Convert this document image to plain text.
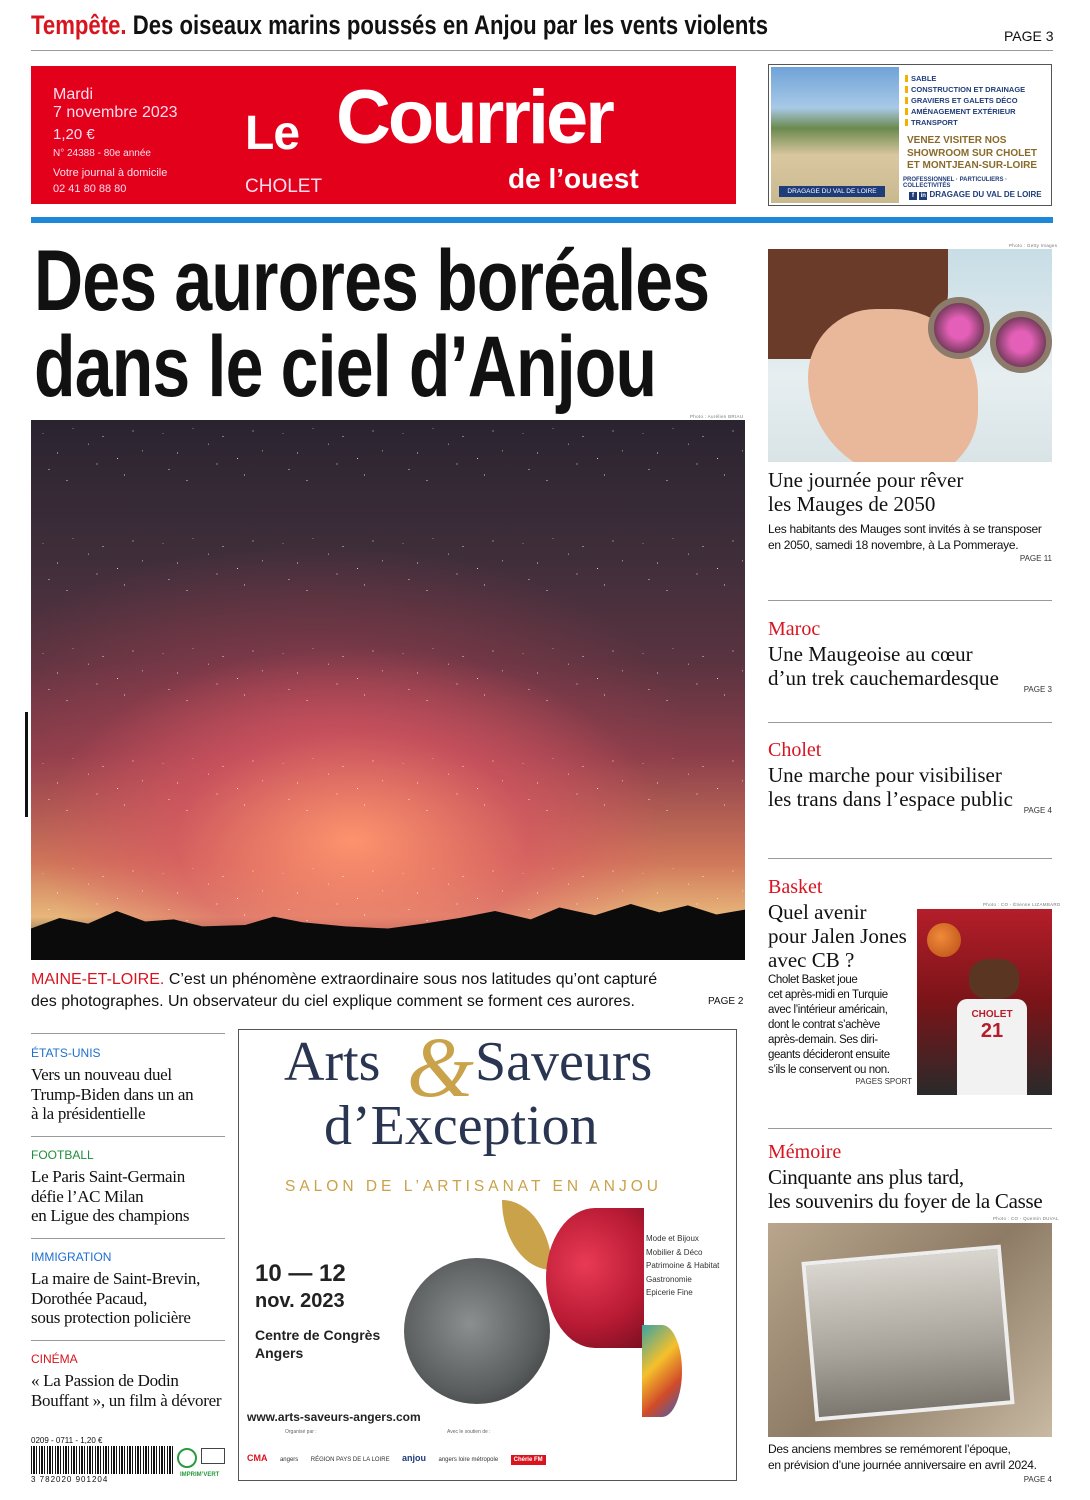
Tempête. Des oiseaux marins poussés en Anjou par les vents violents	PAGE 3
Mardi
7 novembre 2023
1,20 €
N° 24388 - 80e année
Votre journal à domicile
02 41 80 88 80
Le Courrier
de l’ouest
CHOLET	DRAGAGE DU VAL DE LOIRE
SABLE
CONSTRUCTION ET DRAINAGE
GRAVIERS ET GALETS DÉCO
AMÉNAGEMENT EXTÉRIEUR
TRANSPORT
VENEZ VISITER NOS
SHOWROOM SUR CHOLET
ET MONTJEAN-SUR-LOIRE
PROFESSIONNEL · PARTICULIERS · COLLECTIVITÉS
f in DRAGAGE DU VAL DE LOIRE
Des aurores boréales
dans le ciel d’Anjou
Photo : Aurélien BRIAU
MAINE-ET-LOIRE. C’est un phénomène extraordinaire sous nos latitudes qu’ont capturé
des photographes. Un observateur du ciel explique comment se forment ces aurores.	PAGE 2
ÉTATS-UNIS
Vers un nouveau duel
Trump-Biden dans un an
à la présidentielle
FOOTBALL
Le Paris Saint-Germain
défie l’AC Milan
en Ligue des champions
IMMIGRATION
La maire de Saint-Brevin,
Dorothée Pacaud,
sous protection policière
CINÉMA
« La Passion de Dodin
Bouffant », un film à dévorer
0209 - 0711 - 1,20 €
3 782020 901204	IMPRIM’VERT
Arts & Saveurs
d’Exception
SALON DE L’ARTISANAT EN ANJOU
Mode et Bijoux
Mobilier & Déco
Patrimoine & Habitat
Gastronomie
Epicerie Fine
10 — 12
nov. 2023
Centre de Congrès
Angers
www.arts-saveurs-angers.com
Organisé par :	Avec le soutien de :
CMA angers RÉGION PAYS DE LA LOIRE anjou angers loire métropole	Chérie FM
Photo : Getty Images
Une journée pour rêver
les Mauges de 2050
Les habitants des Mauges sont invités à se transposer
en 2050, samedi 18 novembre, à La Pommeraye.
PAGE 11
Maroc
Une Maugeoise au cœur
d’un trek cauchemardesque	PAGE 3
Cholet
Une marche pour visibiliser
les trans dans l’espace public	PAGE 4
Basket
Quel avenir
pour Jalen Jones
avec CB ?
Cholet Basket joue
cet après-midi en Turquie
avec l’intérieur américain,
dont le contrat s’achève
après-demain. Ses diri-
geants décideront ensuite
s’ils le conservent ou non.
PAGES SPORT
Photo : CO - Étienne LIZAMBARD
CHOLET
21
Mémoire
Cinquante ans plus tard,
les souvenirs du foyer de la Casse
Photo : CO - Quentin DUVAL
Des anciens membres se remémorent l’époque,
en prévision d’une journée anniversaire en avril 2024.
PAGE 4
